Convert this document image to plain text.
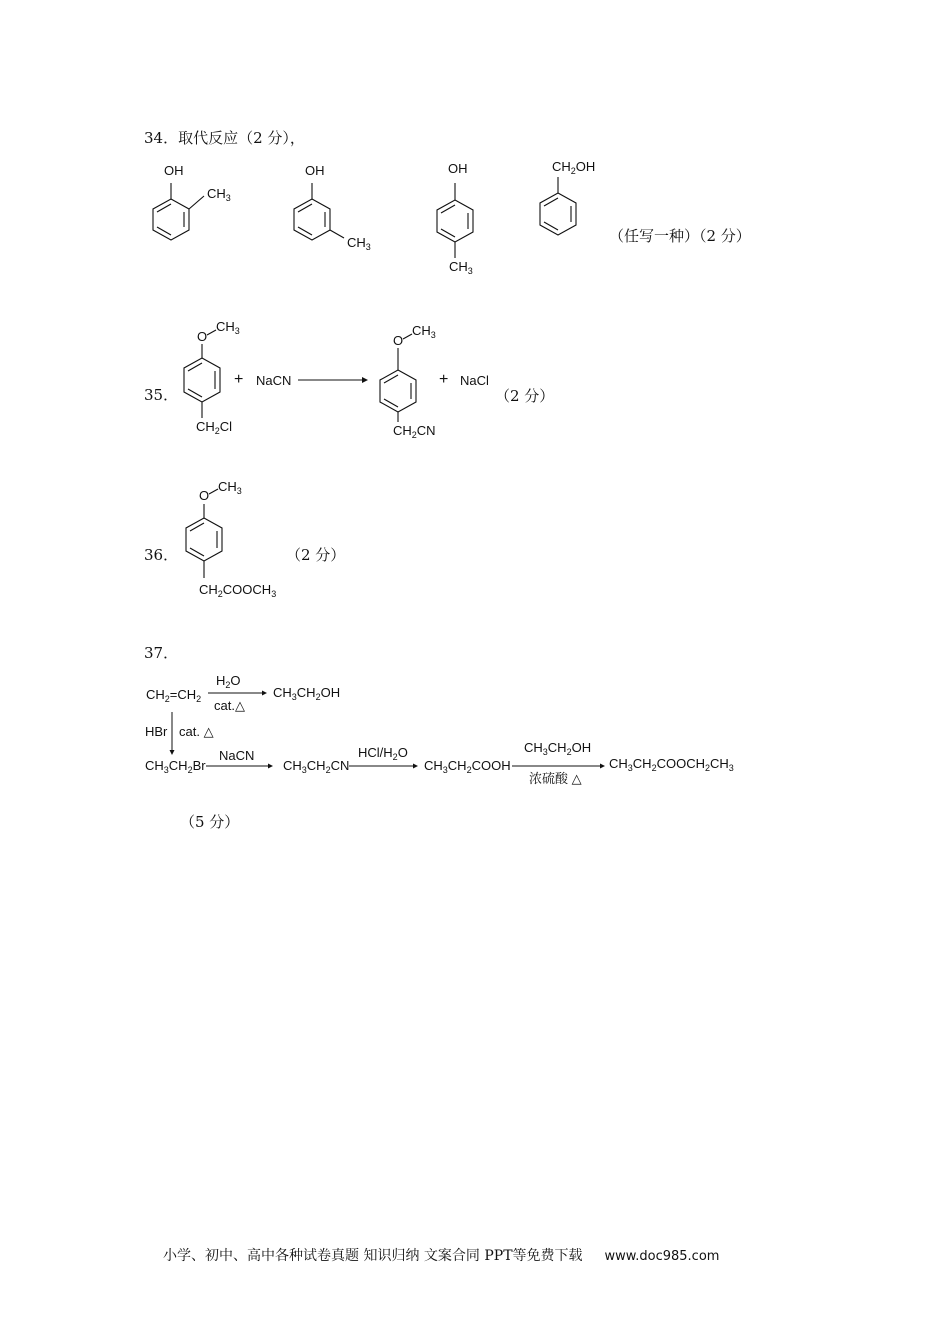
34．取代反应（2 分），
OH
$CH_3$
OH
$CH_3$
OH
$CH_3$
$CH_2OH$
（任写一种）（2 分）
35．
O
$CH_3$
$CH_2Cl$
+ NaCN
O
$CH_3$
$CH_2CN$
+ NaCl
（2 分）
36．
O
$CH_3$
$CH_2COOCH_3$
（2 分）
37．
$CH_2=CH_2$
$H_2O$
cat.△
$CH_3CH_2OH$
HBr cat. △
$CH_3CH_2Br$
NaCN
$CH_3CH_2CN$
HCl/$H_2O$
$CH_3CH_2COOH$
$CH_3CH_2OH$
浓硫酸 △
$CH_3CH_2COOCH_2CH_3$
（5 分）
小学、初中、高中各种试卷真题 知识归纳 文案合同 PPT等免费下载 www.doc985.com
